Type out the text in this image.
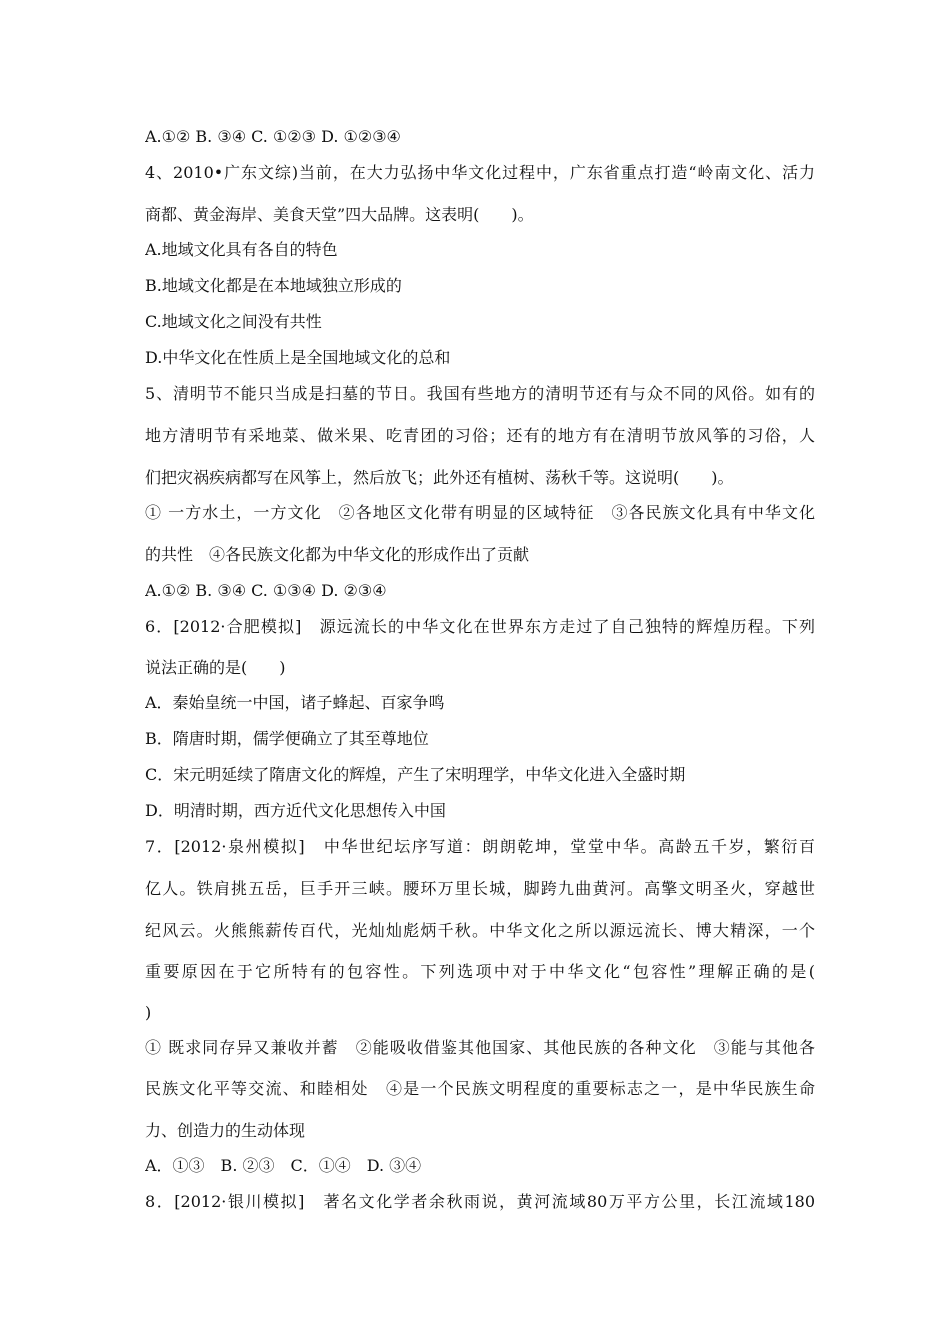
A.①② B. ③④ C. ①②③ D. ①②③④
4、2010•广东文综)当前，在大力弘扬中华文化过程中，广东省重点打造“岭南文化、活力
商都、黄金海岸、美食天堂”四大品牌。这表明(　　)。
A.地域文化具有各自的特色
B.地域文化都是在本地域独立形成的
C.地域文化之间没有共性
D.中华文化在性质上是全国地域文化的总和
5、清明节不能只当成是扫墓的节日。我国有些地方的清明节还有与众不同的风俗。如有的
地方清明节有采地菜、做米果、吃青团的习俗；还有的地方有在清明节放风筝的习俗，人
们把灾祸疾病都写在风筝上，然后放飞；此外还有植树、荡秋千等。这说明(　　)。
① 一方水土，一方文化　②各地区文化带有明显的区域特征　③各民族文化具有中华文化
的共性　④各民族文化都为中华文化的形成作出了贡献
A.①② B. ③④ C. ①③④ D. ②③④
6．[2012·合肥模拟]　源远流长的中华文化在世界东方走过了自己独特的辉煌历程。下列
说法正确的是(　　)
A．秦始皇统一中国，诸子蜂起、百家争鸣
B．隋唐时期，儒学便确立了其至尊地位
C．宋元明延续了隋唐文化的辉煌，产生了宋明理学，中华文化进入全盛时期
D．明清时期，西方近代文化思想传入中国
7．[2012·泉州模拟]　中华世纪坛序写道：朗朗乾坤，堂堂中华。高龄五千岁，繁衍百
亿人。铁肩挑五岳，巨手开三峡。腰环万里长城，脚跨九曲黄河。高擎文明圣火，穿越世
纪风云。火熊熊薪传百代，光灿灿彪炳千秋。中华文化之所以源远流长、博大精深，一个
重要原因在于它所特有的包容性。下列选项中对于中华文化“包容性”理解正确的是(
)
① 既求同存异又兼收并蓄　②能吸收借鉴其他国家、其他民族的各种文化　③能与其他各
民族文化平等交流、和睦相处　④是一个民族文明程度的重要标志之一，是中华民族生命
力、创造力的生动体现
A．①③　B. ②③　C．①④　D. ③④
8．[2012·银川模拟]　著名文化学者余秋雨说，黄河流域80万平方公里，长江流域180
